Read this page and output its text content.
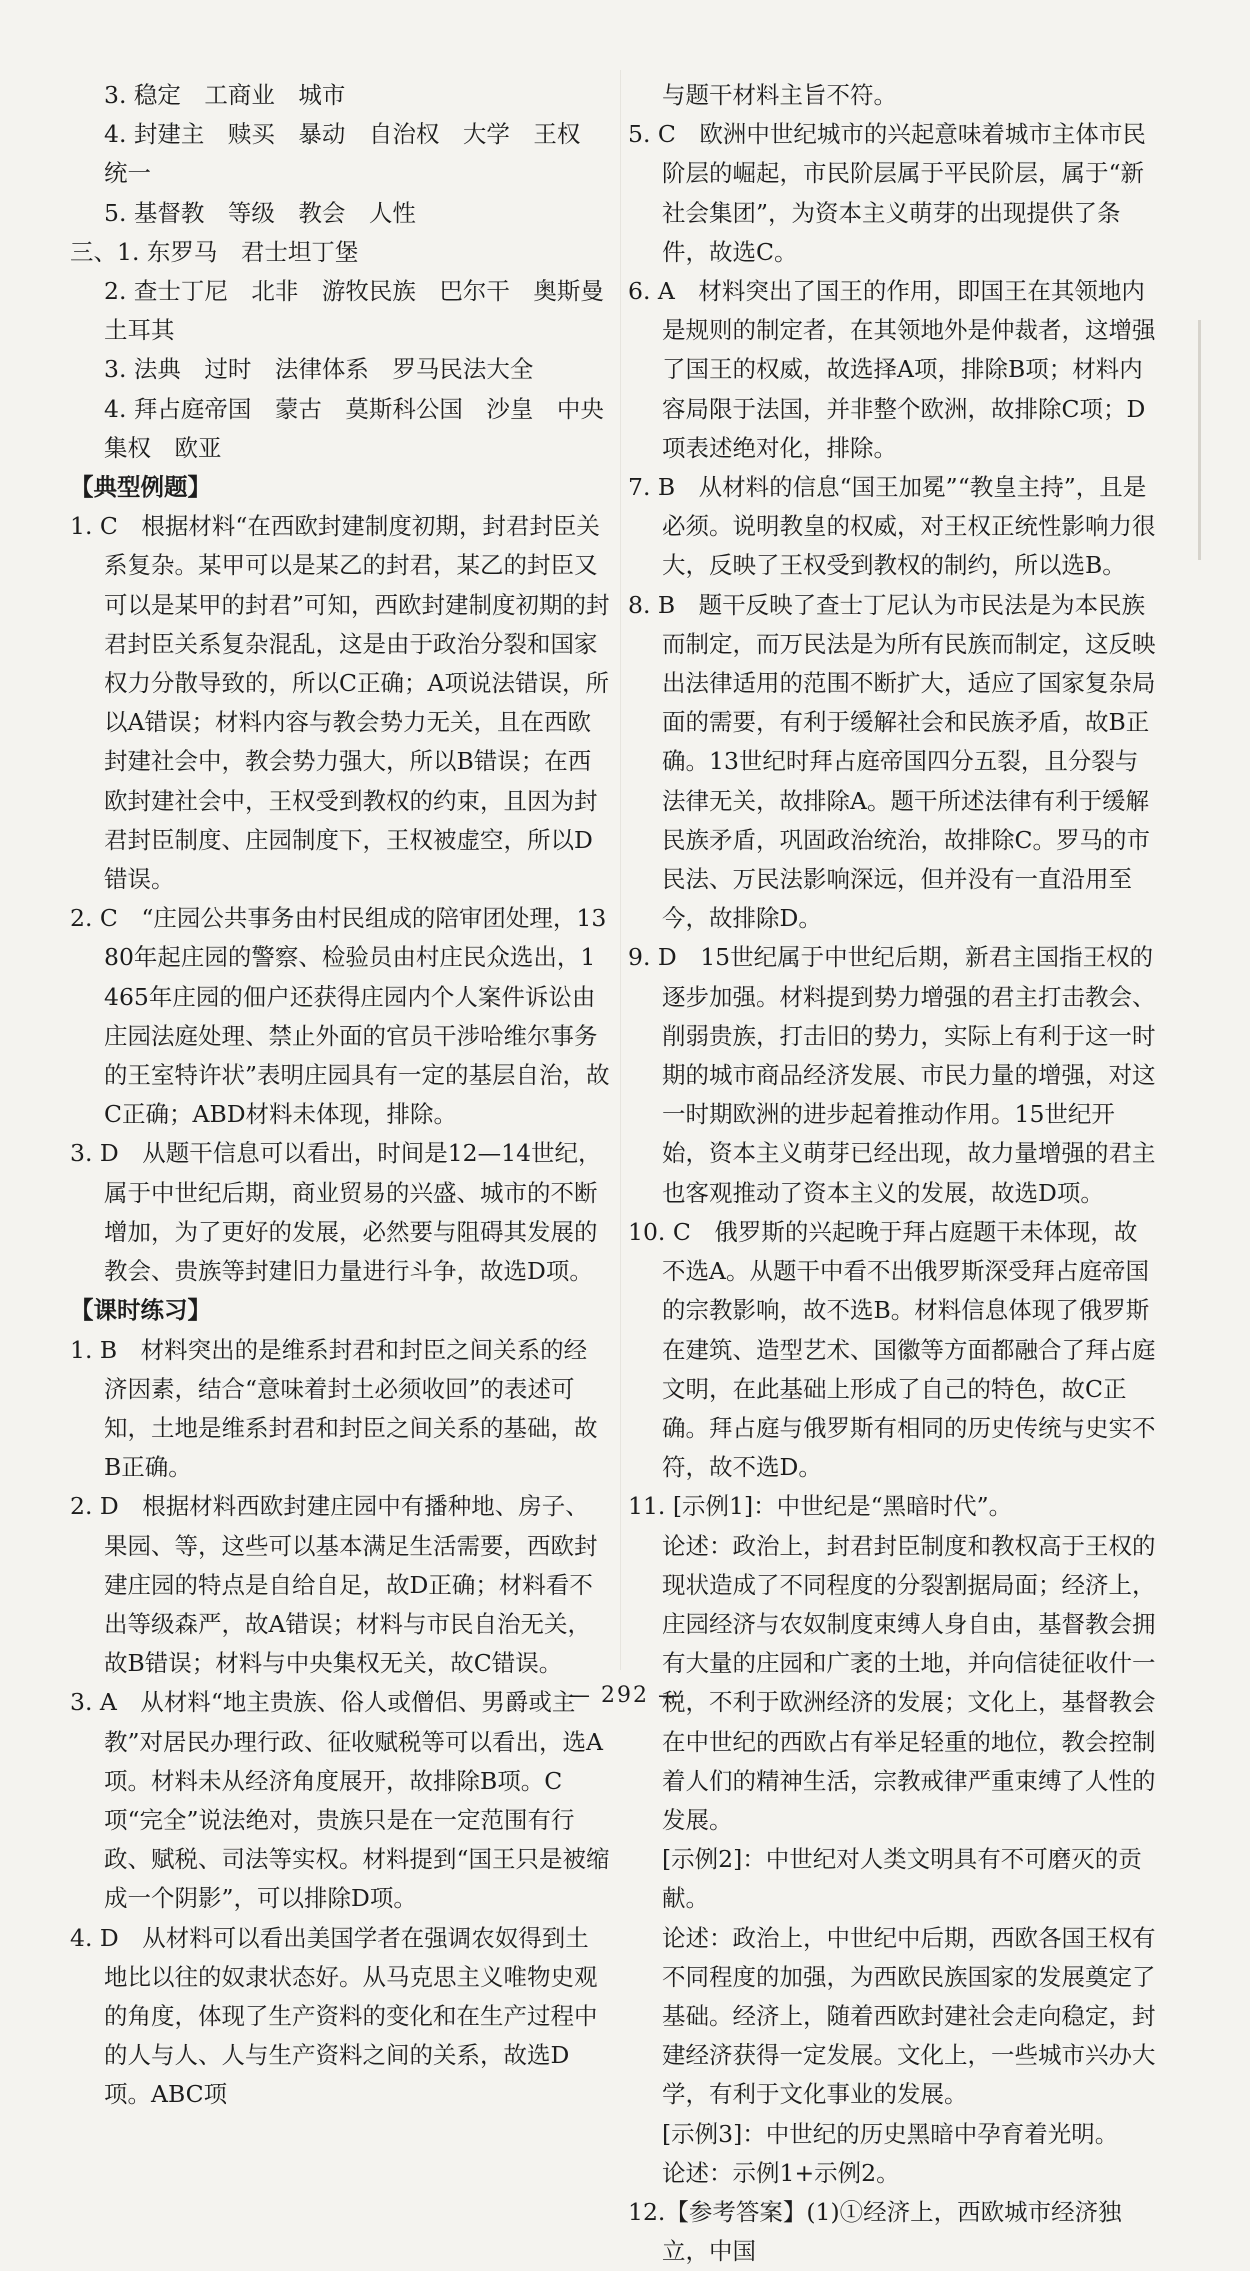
3. 稳定　工商业　城市
4. 封建主　赎买　暴动　自治权　大学　王权
统一
5. 基督教　等级　教会　人性
三、1. 东罗马　君士坦丁堡
2. 查士丁尼　北非　游牧民族　巴尔干　奥斯曼
土耳其
3. 法典　过时　法律体系　罗马民法大全
4. 拜占庭帝国　蒙古　莫斯科公国　沙皇　中央
集权　欧亚
【典型例题】
1. C　根据材料“在西欧封建制度初期，封君封臣关系复杂。某甲可以是某乙的封君，某乙的封臣又可以是某甲的封君”可知，西欧封建制度初期的封君封臣关系复杂混乱，这是由于政治分裂和国家权力分散导致的，所以C正确；A项说法错误，所以A错误；材料内容与教会势力无关，且在西欧封建社会中，教会势力强大，所以B错误；在西欧封建社会中，王权受到教权的约束，且因为封君封臣制度、庄园制度下，王权被虚空，所以D错误。
2. C　“庄园公共事务由村民组成的陪审团处理，1380年起庄园的警察、检验员由村庄民众选出，1465年庄园的佃户还获得庄园内个人案件诉讼由庄园法庭处理、禁止外面的官员干涉哈维尔事务的王室特许状”表明庄园具有一定的基层自治，故C正确；ABD材料未体现，排除。
3. D　从题干信息可以看出，时间是12—14世纪，属于中世纪后期，商业贸易的兴盛、城市的不断增加，为了更好的发展，必然要与阻碍其发展的教会、贵族等封建旧力量进行斗争，故选D项。
【课时练习】
1. B　材料突出的是维系封君和封臣之间关系的经济因素，结合“意味着封土必须收回”的表述可知，土地是维系封君和封臣之间关系的基础，故B正确。
2. D　根据材料西欧封建庄园中有播种地、房子、果园、等，这些可以基本满足生活需要，西欧封建庄园的特点是自给自足，故D正确；材料看不出等级森严，故A错误；材料与市民自治无关，故B错误；材料与中央集权无关，故C错误。
3. A　从材料“地主贵族、俗人或僧侣、男爵或主教”对居民办理行政、征收赋税等可以看出，选A项。材料未从经济角度展开，故排除B项。C项“完全”说法绝对，贵族只是在一定范围有行政、赋税、司法等实权。材料提到“国王只是被缩成一个阴影”，可以排除D项。
4. D　从材料可以看出美国学者在强调农奴得到土地比以往的奴隶状态好。从马克思主义唯物史观的角度，体现了生产资料的变化和在生产过程中的人与人、人与生产资料之间的关系，故选D项。ABC项
与题干材料主旨不符。
5. C　欧洲中世纪城市的兴起意味着城市主体市民阶层的崛起，市民阶层属于平民阶层，属于“新社会集团”，为资本主义萌芽的出现提供了条件，故选C。
6. A　材料突出了国王的作用，即国王在其领地内是规则的制定者，在其领地外是仲裁者，这增强了国王的权威，故选择A项，排除B项；材料内容局限于法国，并非整个欧洲，故排除C项；D项表述绝对化，排除。
7. B　从材料的信息“国王加冕”“教皇主持”，且是必须。说明教皇的权威，对王权正统性影响力很大，反映了王权受到教权的制约，所以选B。
8. B　题干反映了查士丁尼认为市民法是为本民族而制定，而万民法是为所有民族而制定，这反映出法律适用的范围不断扩大，适应了国家复杂局面的需要，有利于缓解社会和民族矛盾，故B正确。13世纪时拜占庭帝国四分五裂，且分裂与法律无关，故排除A。题干所述法律有利于缓解民族矛盾，巩固政治统治，故排除C。罗马的市民法、万民法影响深远，但并没有一直沿用至今，故排除D。
9. D　15世纪属于中世纪后期，新君主国指王权的逐步加强。材料提到势力增强的君主打击教会、削弱贵族，打击旧的势力，实际上有利于这一时期的城市商品经济发展、市民力量的增强，对这一时期欧洲的进步起着推动作用。15世纪开始，资本主义萌芽已经出现，故力量增强的君主也客观推动了资本主义的发展，故选D项。
10. C　俄罗斯的兴起晚于拜占庭题干未体现，故不选A。从题干中看不出俄罗斯深受拜占庭帝国的宗教影响，故不选B。材料信息体现了俄罗斯在建筑、造型艺术、国徽等方面都融合了拜占庭文明，在此基础上形成了自己的特色，故C正确。拜占庭与俄罗斯有相同的历史传统与史实不符，故不选D。
11. [示例1]：中世纪是“黑暗时代”。
论述：政治上，封君封臣制度和教权高于王权的现状造成了不同程度的分裂割据局面；经济上，庄园经济与农奴制度束缚人身自由，基督教会拥有大量的庄园和广袤的土地，并向信徒征收什一税，不利于欧洲经济的发展；文化上，基督教会在中世纪的西欧占有举足轻重的地位，教会控制着人们的精神生活，宗教戒律严重束缚了人性的发展。
[示例2]：中世纪对人类文明具有不可磨灭的贡献。
论述：政治上，中世纪中后期，西欧各国王权有不同程度的加强，为西欧民族国家的发展奠定了基础。经济上，随着西欧封建社会走向稳定，封建经济获得一定发展。文化上，一些城市兴办大学，有利于文化事业的发展。
[示例3]：中世纪的历史黑暗中孕育着光明。
论述：示例1+示例2。
12.【参考答案】(1)①经济上，西欧城市经济独立，中国
— 292 —
